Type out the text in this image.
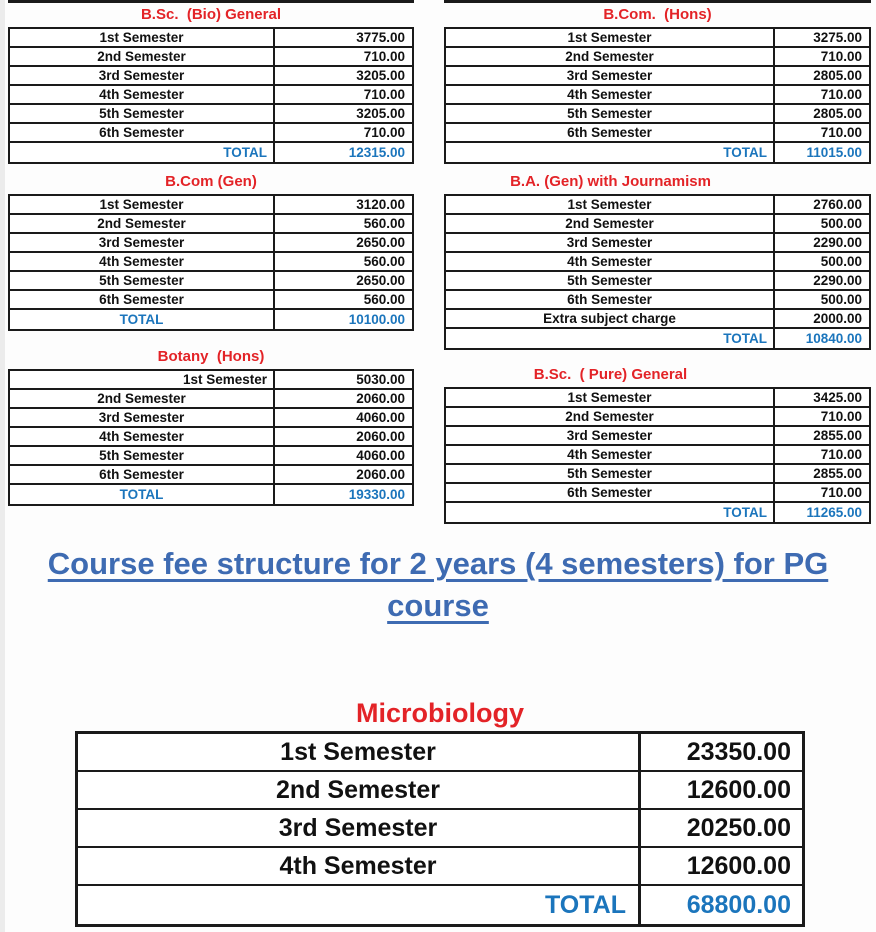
B.Sc.  (Bio) General
1st Semester	3775.00
2nd Semester	710.00
3rd Semester	3205.00
4th Semester	710.00
5th Semester	3205.00
6th Semester	710.00
TOTAL	12315.00
B.Com.  (Hons)
1st Semester	3275.00
2nd Semester	710.00
3rd Semester	2805.00
4th Semester	710.00
5th Semester	2805.00
6th Semester	710.00
TOTAL	11015.00
B.Com (Gen)
1st Semester	3120.00
2nd Semester	560.00
3rd Semester	2650.00
4th Semester	560.00
5th Semester	2650.00
6th Semester	560.00
TOTAL	10100.00
B.A. (Gen) with Journamism
1st Semester	2760.00
2nd Semester	500.00
3rd Semester	2290.00
4th Semester	500.00
5th Semester	2290.00
6th Semester	500.00
Extra subject charge	2000.00
TOTAL	10840.00
Botany  (Hons)
1st Semester	5030.00
2nd Semester	2060.00
3rd Semester	4060.00
4th Semester	2060.00
5th Semester	4060.00
6th Semester	2060.00
TOTAL	19330.00
B.Sc.  ( Pure) General
1st Semester	3425.00
2nd Semester	710.00
3rd Semester	2855.00
4th Semester	710.00
5th Semester	2855.00
6th Semester	710.00
TOTAL	11265.00
Course fee structure for 2 years (4 semesters) for PG course
Microbiology
1st Semester	23350.00
2nd Semester	12600.00
3rd Semester	20250.00
4th Semester	12600.00
TOTAL	68800.00
